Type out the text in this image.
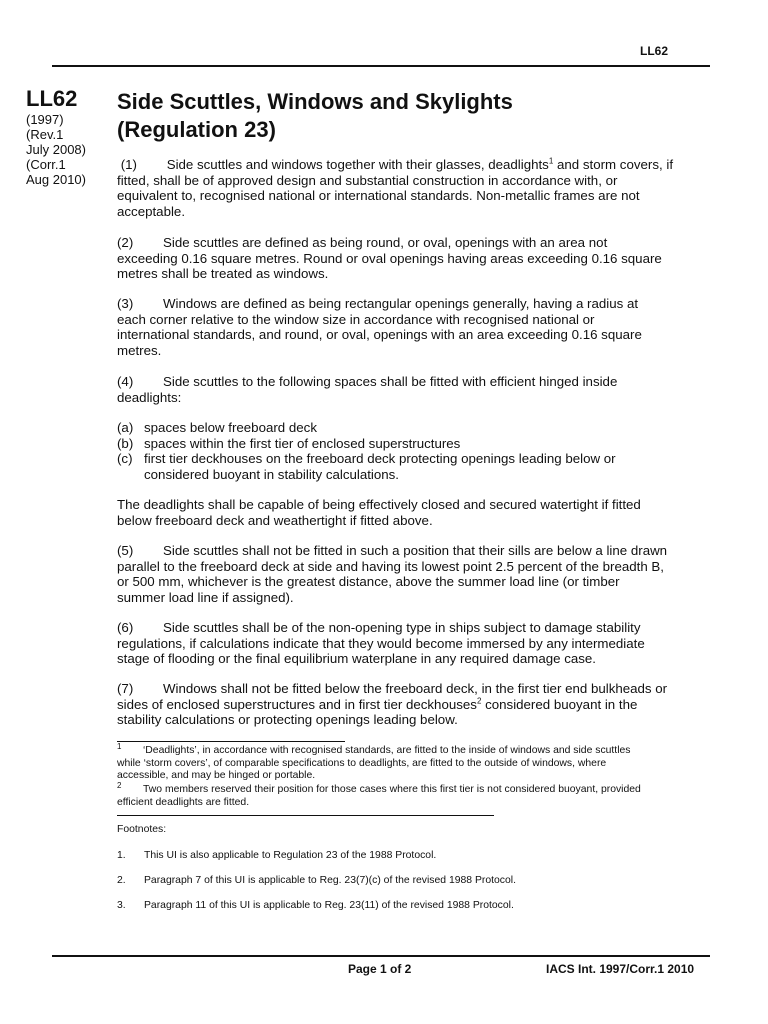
LL62
LL62
(1997)
(Rev.1
July 2008)
(Corr.1
Aug 2010)
Side Scuttles, Windows and Skylights
(Regulation 23)
(1) Side scuttles and windows together with their glasses, deadlights$^1$ and storm covers, if
fitted, shall be of approved design and substantial construction in accordance with, or
equivalent to, recognised national or international standards. Non-metallic frames are not
acceptable.
(2) Side scuttles are defined as being round, or oval, openings with an area not
exceeding 0.16 square metres. Round or oval openings having areas exceeding 0.16 square
metres shall be treated as windows.
(3) Windows are defined as being rectangular openings generally, having a radius at
each corner relative to the window size in accordance with recognised national or
international standards, and round, or oval, openings with an area exceeding 0.16 square
metres.
(4) Side scuttles to the following spaces shall be fitted with efficient hinged inside
deadlights:
(a) spaces below freeboard deck
(b) spaces within the first tier of enclosed superstructures
(c) first tier deckhouses on the freeboard deck protecting openings leading below or
considered buoyant in stability calculations.
The deadlights shall be capable of being effectively closed and secured watertight if fitted
below freeboard deck and weathertight if fitted above.
(5) Side scuttles shall not be fitted in such a position that their sills are below a line drawn
parallel to the freeboard deck at side and having its lowest point 2.5 percent of the breadth B,
or 500 mm, whichever is the greatest distance, above the summer load line (or timber
summer load line if assigned).
(6) Side scuttles shall be of the non-opening type in ships subject to damage stability
regulations, if calculations indicate that they would become immersed by any intermediate
stage of flooding or the final equilibrium waterplane in any required damage case.
(7) Windows shall not be fitted below the freeboard deck, in the first tier end bulkheads or
sides of enclosed superstructures and in first tier deckhouses$^2$ considered buoyant in the
stability calculations or protecting openings leading below.
1	‘Deadlights’, in accordance with recognised standards, are fitted to the inside of windows and side scuttles
while ‘storm covers’, of comparable specifications to deadlights, are fitted to the outside of windows, where
accessible, and may be hinged or portable.
2	Two members reserved their position for those cases where this first tier is not considered buoyant, provided
efficient deadlights are fitted.
Footnotes:
1. This UI is also applicable to Regulation 23 of the 1988 Protocol.
2. Paragraph 7 of this UI is applicable to Reg. 23(7)(c) of the revised 1988 Protocol.
3. Paragraph 11 of this UI is applicable to Reg. 23(11) of the revised 1988 Protocol.
Page 1 of 2	IACS Int. 1997/Corr.1 2010
